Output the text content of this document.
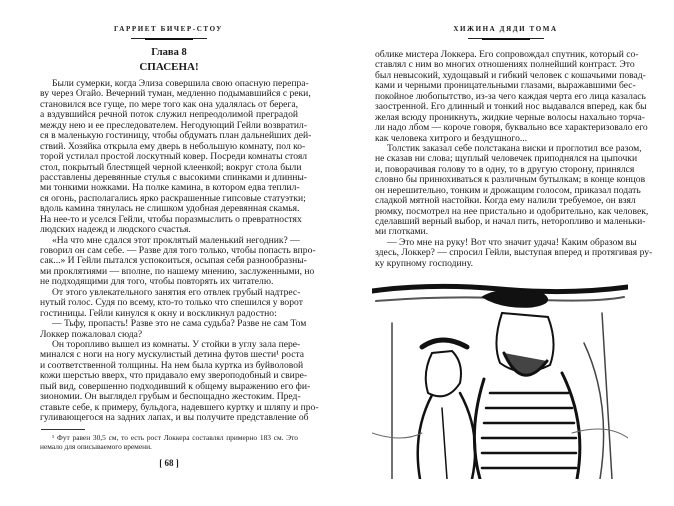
ГАРРИЕТ БИЧЕР-СТОУ
Глава 8
СПАСЕНА!
Были сумерки, когда Элиза совершила свою опасную перепра-
ву через Огайо. Вечерний туман, медленно подымавшийся с реки,
становился все гуще, по мере того как она удалялась от берега,
а вздувшийся речной поток служил непреодолимой преградой
между нею и ее преследователем. Негодующий Гейли возвратил-
ся в маленькую гостиницу, чтобы обдумать план дальнейших дей-
ствий. Хозяйка открыла ему дверь в небольшую комнату, пол ко-
торой устилал простой лоскутный ковер. Посреди комнаты стоял
стол, покрытый блестящей черной клеенкой; вокруг стола были
расставлены деревянные стулья с высокими спинками и длинны-
ми тонкими ножками. На полке камина, в котором едва теплил-
ся огонь, располагались ярко раскрашенные гипсовые статуэтки;
вдоль камина тянулась не слишком удобная деревянная скамья.
На нее-то и уселся Гейли, чтобы поразмыслить о превратностях
людских надежд и людского счастья.
«На что мне сдался этот проклятый маленький негодник? —
говорил он сам себе. — Разве для того только, чтобы попасть впро-
сак...» И Гейли пытался успокоиться, осыпая себя разнообразны-
ми проклятиями — вполне, по нашему мнению, заслуженными, но
не подходящими для того, чтобы повторять их читателю.
От этого увлекательного занятия его отвлек грубый надтрес-
нутый голос. Судя по всему, кто-то только что спешился у ворот
гостиницы. Гейли кинулся к окну и воскликнул радостно:
— Тьфу, пропасть! Разве это не сама судьба? Разве не сам Том
Локкер пожаловал сюда?
Он торопливо вышел из комнаты. У стойки в углу зала пере-
минался с ноги на ногу мускулистый детина футов шести¹ роста
и соответственной толщины. На нем была куртка из буйволовой
кожи шерстью вверх, что придавало ему звероподобный и свире-
пый вид, совершенно подходивший к общему выражению его фи-
зиономии. Он выглядел грубым и беспощадно жестоким. Пред-
ставьте себе, к примеру, бульдога, надевшего куртку и шляпу и про-
гуливающегося на задних лапах, и вы получите представление об
¹ Фут равен 30,5 см, то есть рост Локкера составлял примерно 183 см. Это немало для описываемого времени.
[ 68 ]
ХИЖИНА ДЯДИ ТОМА
облике мистера Локкера. Его сопровождал спутник, который со-
ставлял с ним во многих отношениях полнейший контраст. Это
был невысокий, худощавый и гибкий человек с кошачьими повад-
ками и черными проницательными глазами, выражавшими бес-
покойное любопытство, из-за чего каждая черта его лица казалась
заостренной. Его длинный и тонкий нос выдавался вперед, как бы
желая всюду проникнуть, жидкие черные волосы нахально торча-
ли надо лбом — короче говоря, буквально все характеризовало его
как человека хитрого и бездушного...
Толстик заказал себе полстакана виски и проглотил все разом,
не сказав ни слова; щуплый человечек приподнялся на цыпочки
и, поворачивая голову то в одну, то в другую сторону, принялся
словно бы принюхиваться к различным бутылкам; в конце концов
он нерешительно, тонким и дрожащим голосом, приказал подать
сладкой мятной настойки. Когда ему налили требуемое, он взял
рюмку, посмотрел на нее пристально и одобрительно, как человек,
сделавший верный выбор, и начал пить, неторопливо и маленьки-
ми глотками.
— Это мне на руку! Вот что значит удача! Каким образом вы
здесь, Локкер? — спросил Гейли, выступая вперед и протягивая ру-
ку крупному господину.
